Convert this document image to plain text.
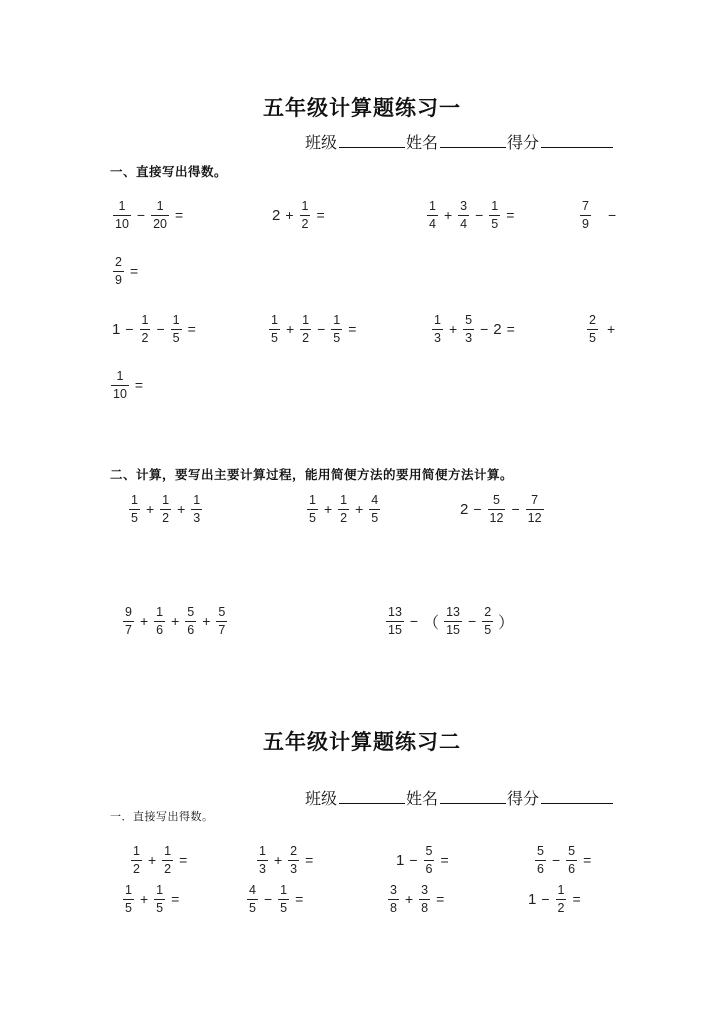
五年级计算题练习一
班级	姓名	得分
一、直接写出得数。
$\frac{1}{10} - \frac{1}{20}$ =	$2 + \frac{1}{2}$ =	$\frac{1}{4} + \frac{3}{4} - \frac{1}{5}$ =	$\frac{7}{9}$ −
$\frac{2}{9}$ =
$1 - \frac{1}{2} - \frac{1}{5}$ =	$\frac{1}{5} + \frac{1}{2} - \frac{1}{5}$ =	$\frac{1}{3} + \frac{5}{3} - 2$ =	$\frac{2}{5}$ +
$\frac{1}{10}$ =
二、计算，要写出主要计算过程，能用简便方法的要用简便方法计算。
$\frac{1}{5} + \frac{1}{2} + \frac{1}{3}$	$\frac{1}{5} + \frac{1}{2} + \frac{4}{5}$	$2 - \frac{5}{12} - \frac{7}{12}$
$\frac{9}{7} + \frac{1}{6} + \frac{5}{6} + \frac{5}{7}$	$\frac{13}{15}$ − （ $\frac{13}{15} - \frac{2}{5}$ ）
五年级计算题练习二
班级	姓名	得分
一．直接写出得数。
$\frac{1}{2} + \frac{1}{2}$ =	$\frac{1}{3} + \frac{2}{3}$ =	$1 - \frac{5}{6}$ =	$\frac{5}{6} - \frac{5}{6}$ =
$\frac{1}{5} + \frac{1}{5}$ =	$\frac{4}{5} - \frac{1}{5}$ =	$\frac{3}{8} + \frac{3}{8}$ =	$1 - \frac{1}{2}$ =
